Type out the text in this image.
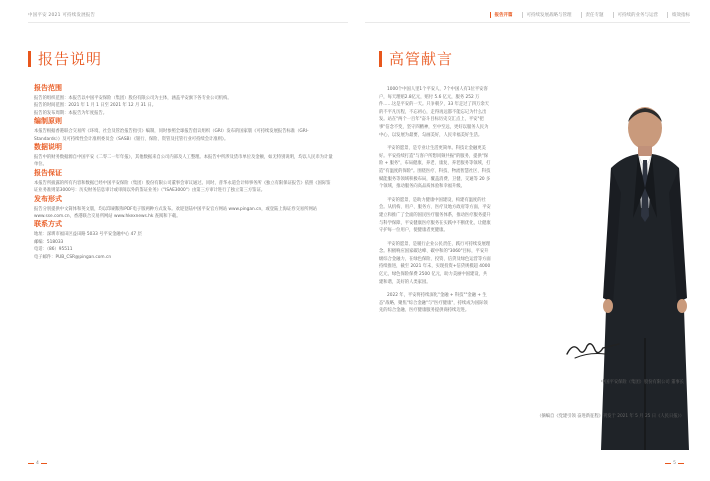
中国平安 2021 可持续发展报告
报告说明
报告范围

报告的组织范围：本报告以中国平安保险（集团）股份有限公司为主体，涵盖平安旗下各专业公司机构。

报告的时间范围：2021 年 1 月 1 日至 2021 年 12 月 31 日。

报告的发布周期：本报告为年度报告。

编制原则

本报告根据香港联合交易所《环境、社会及管治报告指引》编制，同时参照全球报告倡议组织（GRI）发布的国家版《可持续发展报告标准（GRI-Standards）》及可持续性会计准则委员会（SASB）《银行、保险、资管及托管行业可持续会计准则》。

数据说明

报告中的财务数据源自中国平安《二零二一年年报》，其他数据来自公司内部及人工整理。本报告中所涉及货币单位及金额，如无特别说明，均以人民币为计量单位。

报告保证

本报告所披露的所有内容和数据已经中国平安保险（集团）股份有限公司董事会审议通过。同时，普华永道会计师事务所《独立有限保证报告》依照《国际鉴证业务准则第3000号：历史财务信息审计或审阅以外的鉴证业务》（"ISAE3000"）由第三方审计进行了独立第三方鉴证。

发布形式

报告分别提供中文简体和英文版，均以印刷版和PDF电子版两种方式发布。欢迎登陆中国平安官方网站 www.pingan.cn，或登陆上海证券交易所网站 www.sse.com.cn，香港联合交易所网站 www.hkexnews.hk 查阅和下载。

联系方式

地址：深圳市福田区益田路 5033 号平安金融中心 47 层

邮编：518033

电话：（86）95511

电子邮件：PUB_CSR@pingan.com.cn

4
报告开篇	可持续发展战略与管理	责任专题	可持续的业务与运营	绩效指标
高管献言

1000个中国人里1个平安人，7个中国人有1位平安客户，每天理赔2.8亿元，赔付 5.6 亿元，服务 252 万件……这是平安的一天。只争朝夕，33 年走过了四万余天的不平凡历程，不忘初心，走得再远都不能忘记为什么出发。站在"两个一百年"奋斗目标历史交汇点上，平安"把事"信念不变，坚守四精神，至中至远，更好以服务人民为中心，以发展为最要，勾画美好，人民幸福美好生活。

平安的愿景，是专业让生活更简单。科技让金融更美好。平安持续打造"与客户所想同频共振"的服务，提供"保险 + 服务"，布局健康、养老、康复、养老服务等领域，打造"有温度的保险"。围绕医疗、科技、物流智慧社区、科技赋能服务等领域积极布局，覆盖消费、卫健、交通等 20 多个领域，推动服务向高品质体验和幸福升级。

平安的愿景，是助力健康中国建设，构建有温度的社会。从机构、用户、服务方、医疗及地方政府等方面，平安建立和推广了全面的国民医疗服务体系，推动医疗服务提升与科学保障，平安健康医疗服务在实践中不断优化，让健康守护每一位用户，使健康者更健康。

平安的愿景，是履行企业公民责任，践行可持续发展理念。积极响应国家碳达峰、碳中和的"3060"目标，平安升级综合金融力，在绿色保险、投资、信贷及绿色运营等方面持续推进，截至 2021 年末，实现投资+信贷规模超 4000 亿元，绿色保险保费 2500 亿元，助力美丽中国建设，共建和谐，美好的人类家园。

2022 年，平安将持续深化"金融 + 科技""金融 + 生态"战略，聚焦"综合金融"与"医疗健康"，持续成为国际领先的综合金融、医疗健康服务提供商持续迈进。

中国平安保险（集团）股份有限公司 董事长
（摘编自《党建引领 奋进新征程》刊发于 2021 年 5 月 25 日《人民日报》）
5
